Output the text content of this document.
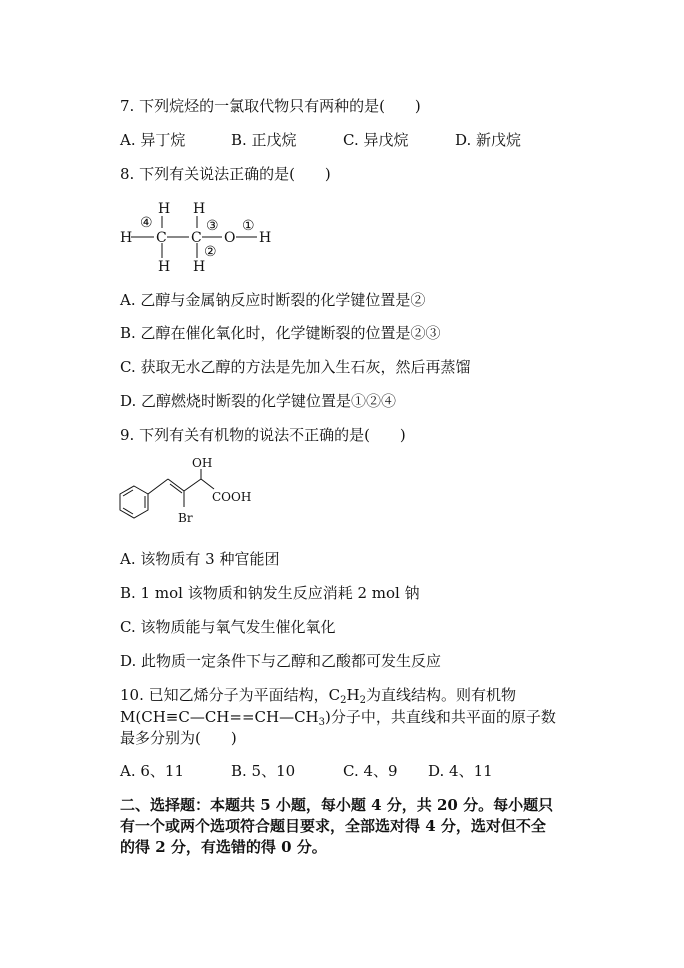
7. 下列烷烃的一氯取代物只有两种的是(　　)
A. 异丁烷	B. 正戊烷	C. 异戊烷	D. 新戊烷
8. 下列有关说法正确的是(　　)
H C C O H
H H
H H
④	③
②
①
A. 乙醇与金属钠反应时断裂的化学键位置是②
B. 乙醇在催化氧化时，化学键断裂的位置是②③
C. 获取无水乙醇的方法是先加入生石灰，然后再蒸馏
D. 乙醇燃烧时断裂的化学键位置是①②④
9. 下列有关有机物的说法不正确的是(　　)
OH
COOH
Br
A. 该物质有 3 种官能团
B. 1 mol 该物质和钠发生反应消耗 2 mol 钠
C. 该物质能与氧气发生催化氧化
D. 此物质一定条件下与乙醇和乙酸都可发生反应
10. 已知乙烯分子为平面结构，$C_2H_2$为直线结构。则有机物
$M(CH\equiv C—CH==CH—CH_3)$分子中，共直线和共平面的原子数
最多分别为(　　)
A. 6、11	B. 5、10	C. 4、9 D. 4、11
二、选择题：本题共 5 小题，每小题 4 分，共 20 分。每小题只
有一个或两个选项符合题目要求，全部选对得 4 分，选对但不全
的得 2 分，有选错的得 0 分。
